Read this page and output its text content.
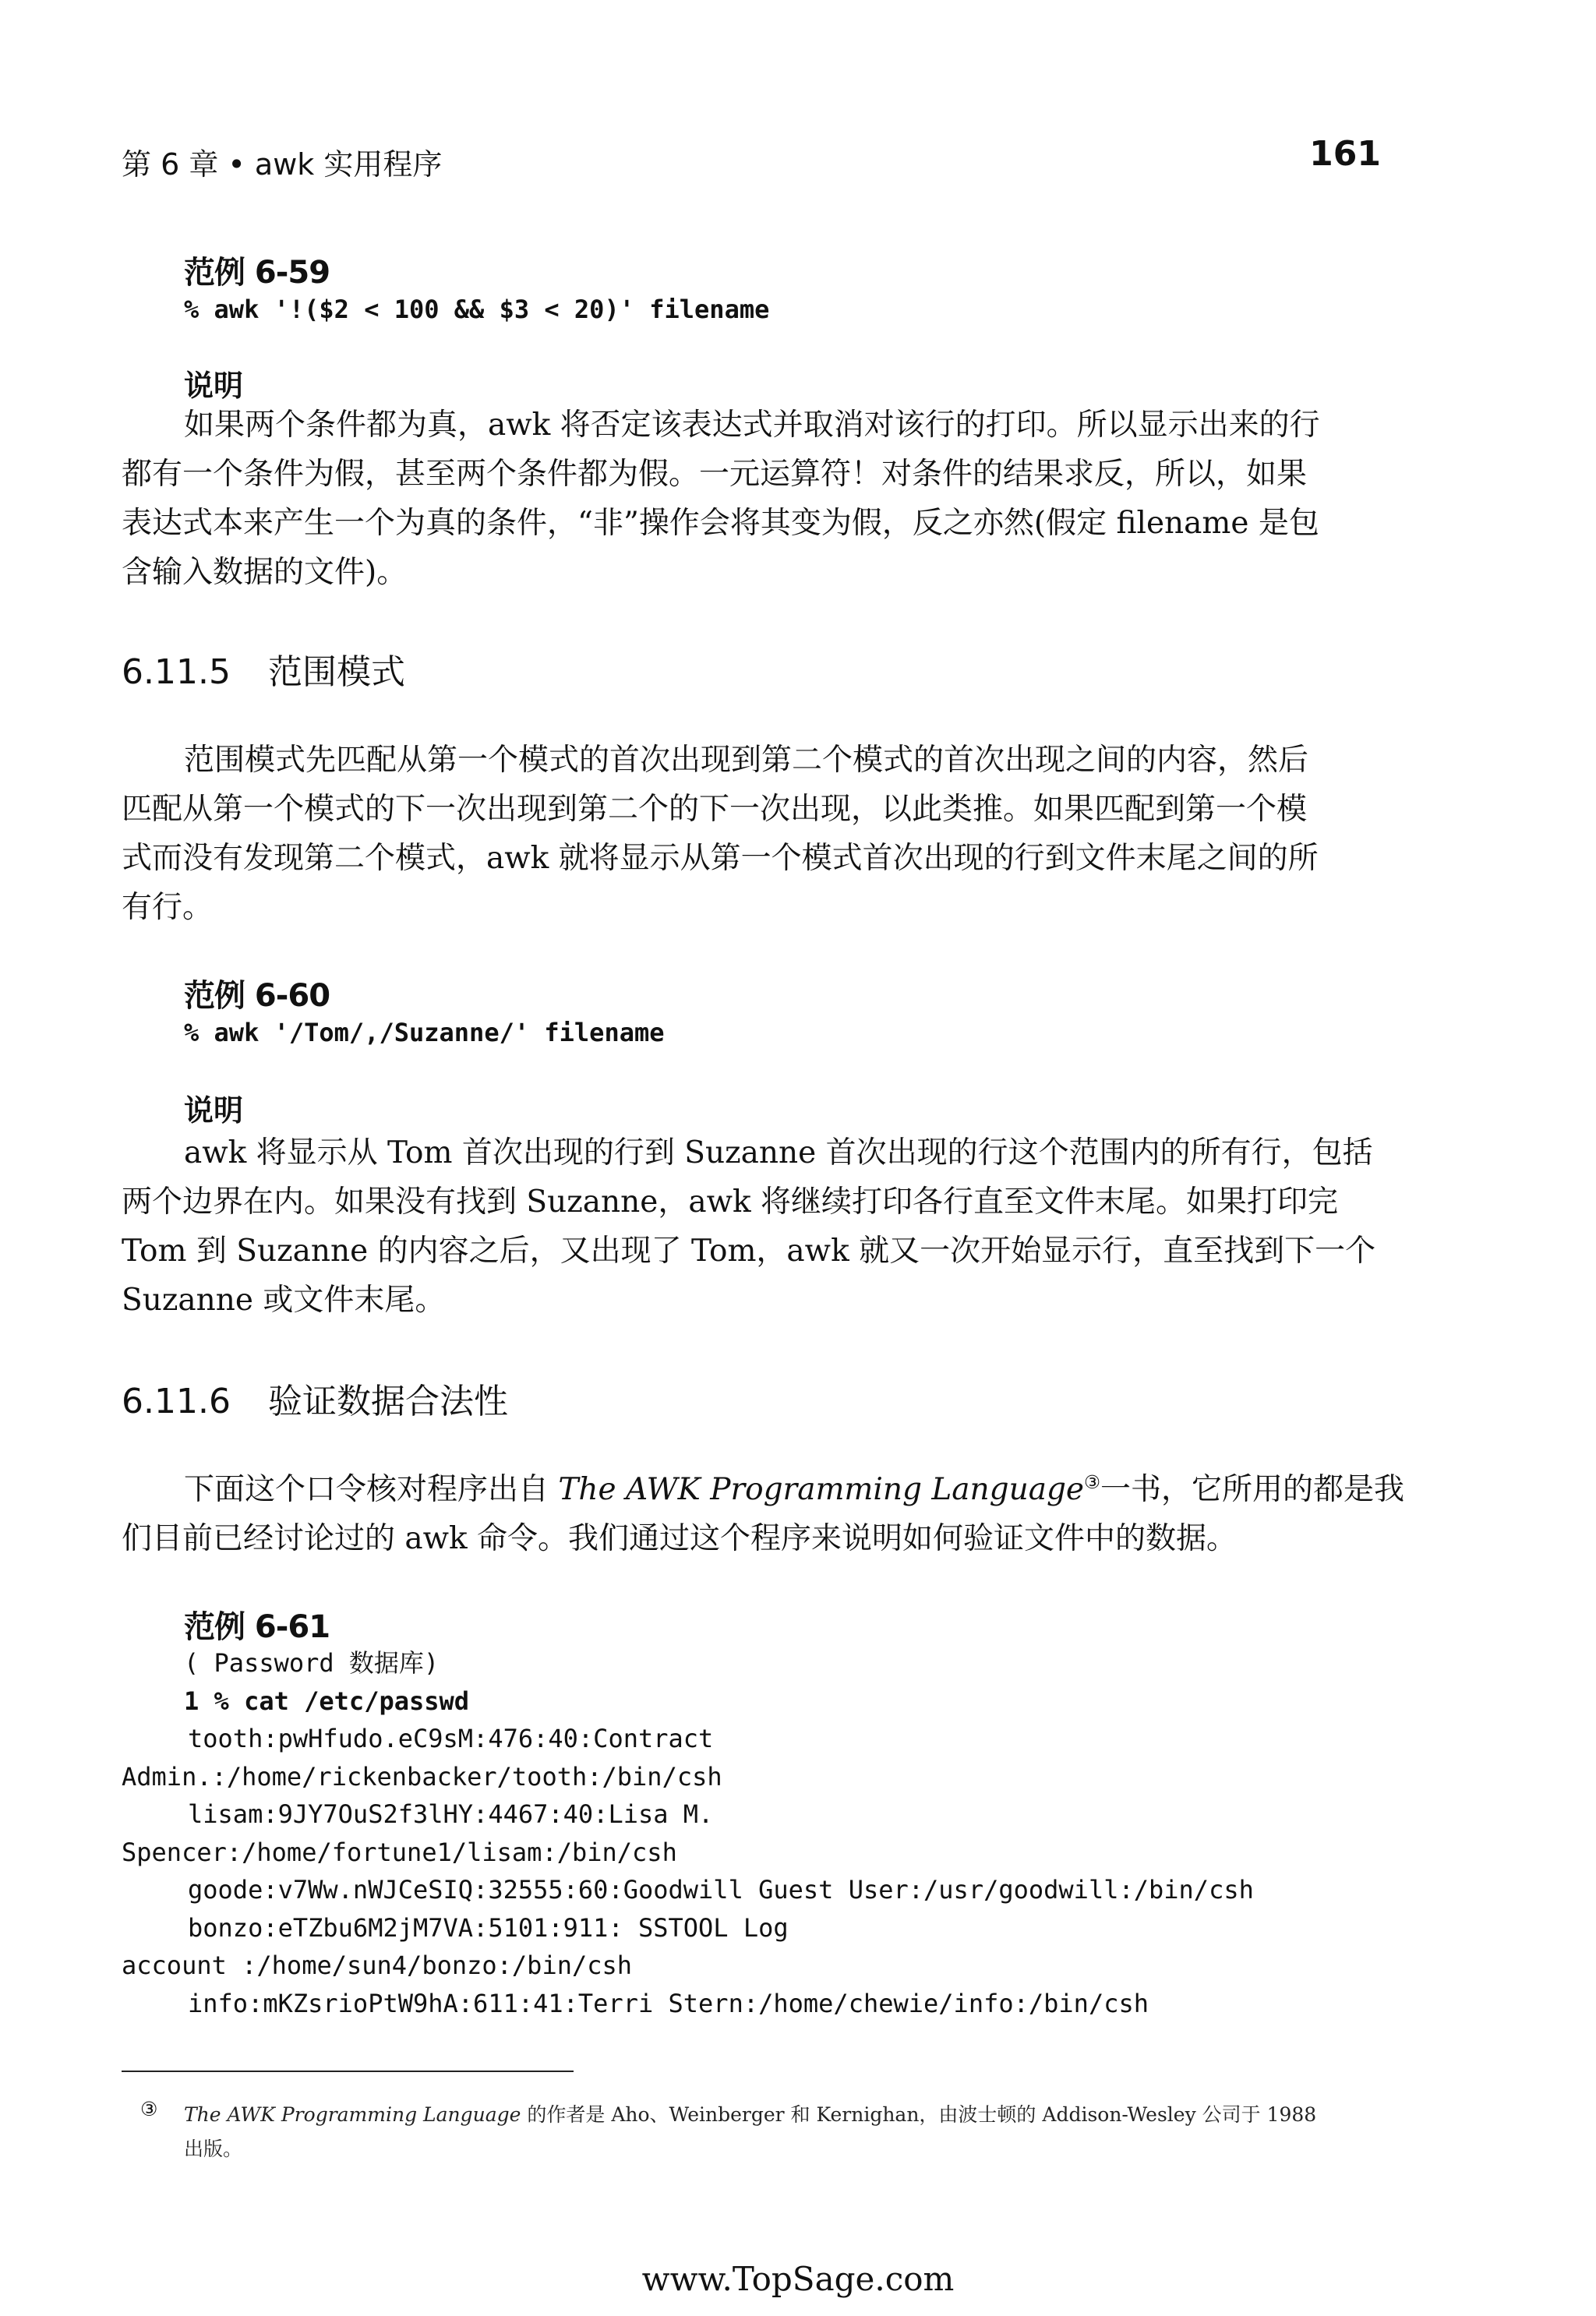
第 6 章 • awk 实用程序	161
范例 6-59
% awk '!($2 < 100 && $3 < 20)' filename
说明
如果两个条件都为真，awk 将否定该表达式并取消对该行的打印。所以显示出来的行
都有一个条件为假，甚至两个条件都为假。一元运算符！对条件的结果求反，所以，如果
表达式本来产生一个为真的条件，“非”操作会将其变为假，反之亦然(假定 filename 是包
含输入数据的文件)。
6.11.5 范围模式
范围模式先匹配从第一个模式的首次出现到第二个模式的首次出现之间的内容，然后
匹配从第一个模式的下一次出现到第二个的下一次出现，以此类推。如果匹配到第一个模
式而没有发现第二个模式，awk 就将显示从第一个模式首次出现的行到文件末尾之间的所
有行。
范例 6-60
% awk '/Tom/,/Suzanne/' filename
说明
awk 将显示从 Tom 首次出现的行到 Suzanne 首次出现的行这个范围内的所有行，包括
两个边界在内。如果没有找到 Suzanne，awk 将继续打印各行直至文件末尾。如果打印完
Tom 到 Suzanne 的内容之后，又出现了 Tom，awk 就又一次开始显示行，直至找到下一个
Suzanne 或文件末尾。
6.11.6 验证数据合法性
下面这个口令核对程序出自 The AWK Programming Language③一书，它所用的都是我
们目前已经讨论过的 awk 命令。我们通过这个程序来说明如何验证文件中的数据。
范例 6-61
( Password 数据库)
1 % cat /etc/passwd
tooth:pwHfudo.eC9sM:476:40:Contract
Admin.:/home/rickenbacker/tooth:/bin/csh
lisam:9JY7OuS2f3lHY:4467:40:Lisa M.
Spencer:/home/fortune1/lisam:/bin/csh
goode:v7Ww.nWJCeSIQ:32555:60:Goodwill Guest User:/usr/goodwill:/bin/csh
bonzo:eTZbu6M2jM7VA:5101:911: SSTOOL Log
account :/home/sun4/bonzo:/bin/csh
info:mKZsrioPtW9hA:611:41:Terri Stern:/home/chewie/info:/bin/csh
③ The AWK Programming Language 的作者是 Aho、Weinberger 和 Kernighan，由波士顿的 Addison-Wesley 公司于 1988
出版。
www.TopSage.com
